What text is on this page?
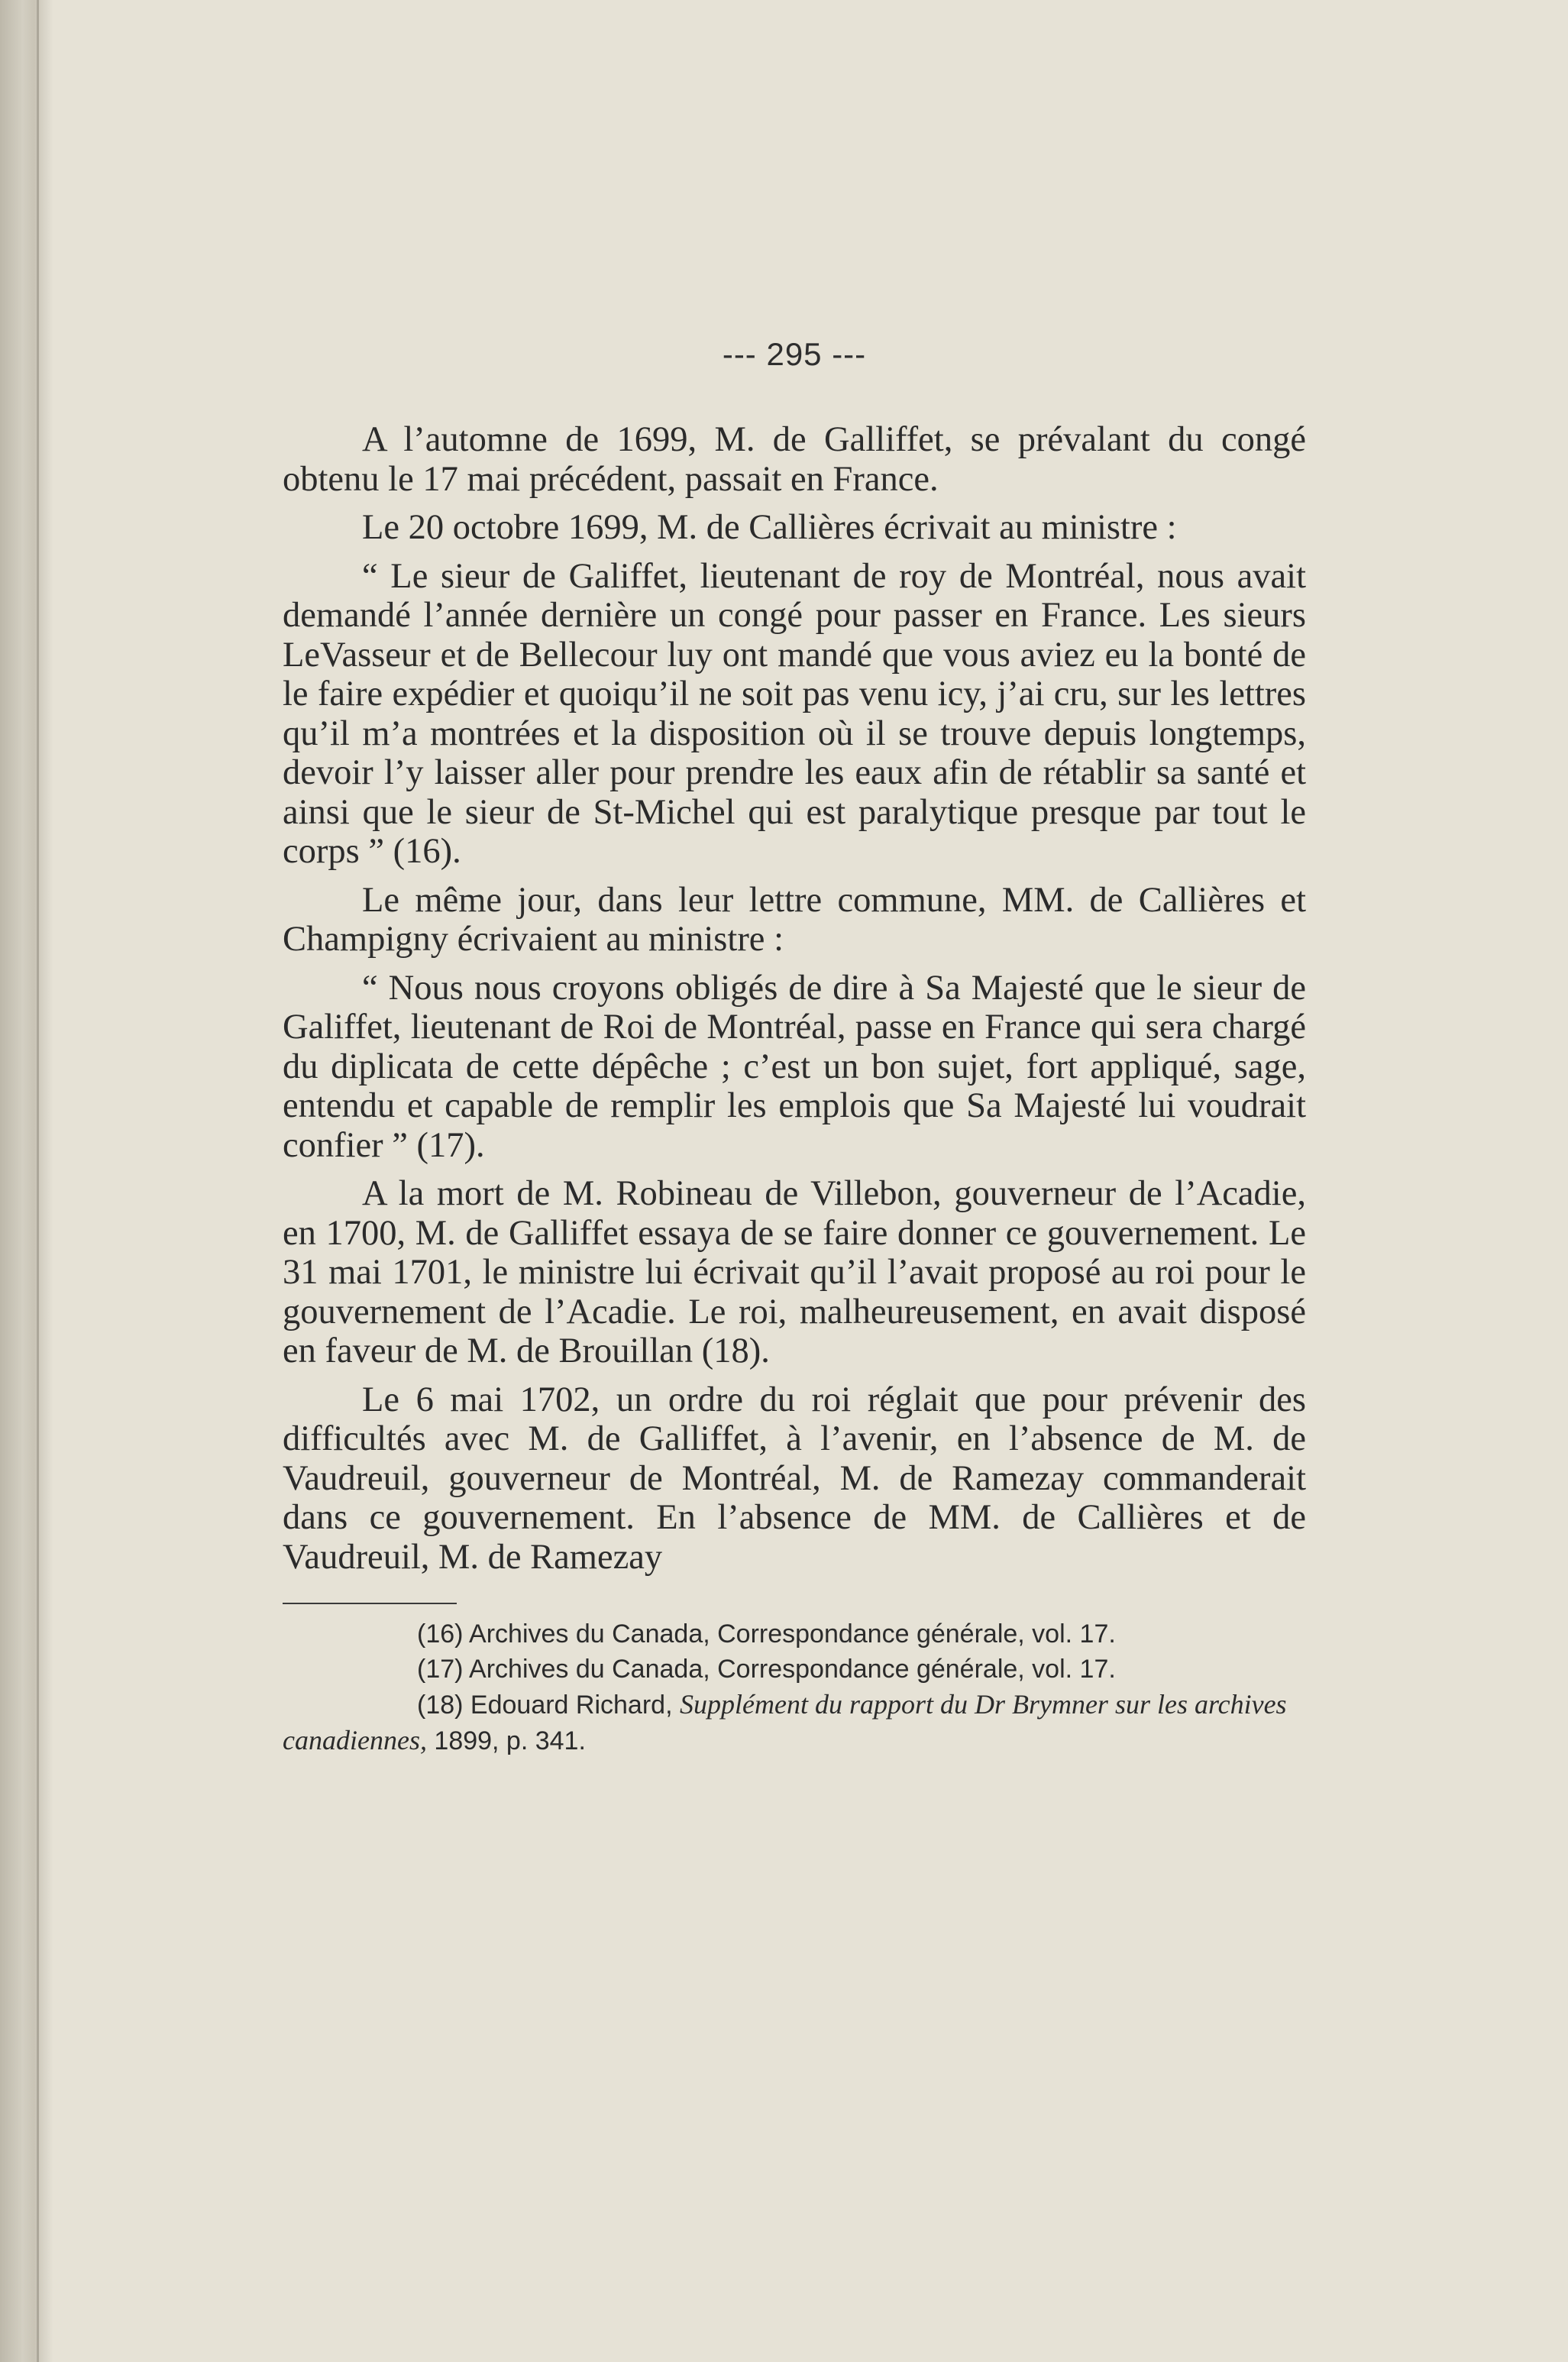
--- 295 ---

A l’automne de 1699, M. de Galliffet, se prévalant du congé obtenu le 17 mai précédent, passait en France.

Le 20 octobre 1699, M. de Callières écrivait au ministre :

“ Le sieur de Galiffet, lieutenant de roy de Montréal, nous avait demandé l’année dernière un congé pour passer en France. Les sieurs LeVasseur et de Bellecour luy ont mandé que vous aviez eu la bonté de le faire expédier et quoiqu’il ne soit pas venu icy, j’ai cru, sur les lettres qu’il m’a montrées et la disposition où il se trouve depuis longtemps, devoir l’y laisser aller pour prendre les eaux afin de rétablir sa santé et ainsi que le sieur de St-Michel qui est paralytique presque par tout le corps ” (16).

Le même jour, dans leur lettre commune, MM. de Callières et Champigny écrivaient au ministre :

“ Nous nous croyons obligés de dire à Sa Majesté que le sieur de Galiffet, lieutenant de Roi de Montréal, passe en France qui sera chargé du diplicata de cette dépêche ; c’est un bon sujet, fort appliqué, sage, entendu et capable de remplir les emplois que Sa Majesté lui voudrait confier ” (17).

A la mort de M. Robineau de Villebon, gouverneur de l’Acadie, en 1700, M. de Galliffet essaya de se faire donner ce gouvernement. Le 31 mai 1701, le ministre lui écrivait qu’il l’avait proposé au roi pour le gouvernement de l’Acadie. Le roi, malheureusement, en avait disposé en faveur de M. de Brouillan (18).

Le 6 mai 1702, un ordre du roi réglait que pour prévenir des difficultés avec M. de Galliffet, à l’avenir, en l’absence de M. de Vaudreuil, gouverneur de Montréal, M. de Ramezay commanderait dans ce gouvernement. En l’absence de MM. de Callières et de Vaudreuil, M. de Ramezay

(16) Archives du Canada, Correspondance générale, vol. 17.

(17) Archives du Canada, Correspondance générale, vol. 17.

(18) Edouard Richard, Supplément du rapport du Dr Brymner sur les archives canadiennes, 1899, p. 341.
